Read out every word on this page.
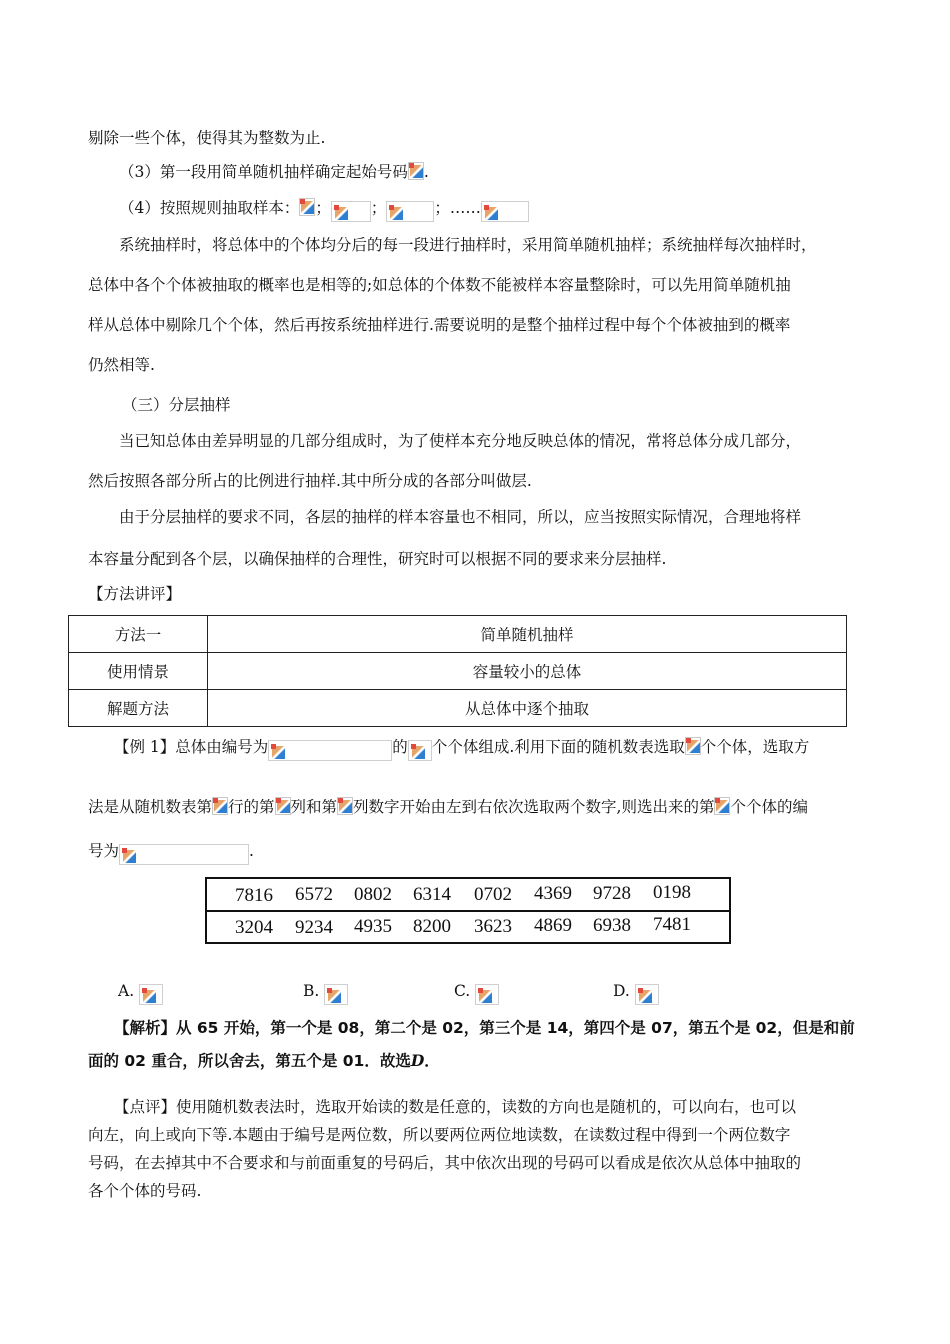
剔除一些个体，使得其为整数为止.
（3）第一段用简单随机抽样确定起始号码 .
（4）按照规则抽取样本： ；	；	；……
系统抽样时，将总体中的个体均分后的每一段进行抽样时，采用简单随机抽样；系统抽样每次抽样时，
总体中各个个体被抽取的概率也是相等的;如总体的个体数不能被样本容量整除时，可以先用简单随机抽
样从总体中剔除几个个体，然后再按系统抽样进行.需要说明的是整个抽样过程中每个个体被抽到的概率
仍然相等.
（三）分层抽样
当已知总体由差异明显的几部分组成时，为了使样本充分地反映总体的情况，常将总体分成几部分，
然后按照各部分所占的比例进行抽样.其中所分成的各部分叫做层.
由于分层抽样的要求不同，各层的抽样的样本容量也不相同，所以，应当按照实际情况，合理地将样
本容量分配到各个层，以确保抽样的合理性，研究时可以根据不同的要求来分层抽样.
【方法讲评】
方法一	简单随机抽样
使用情景	容量较小的总体
解题方法	从总体中逐个抽取
【例 1】总体由编号为	的 个个体组成.利用下面的随机数表选取 个个体，选取方
法是从随机数表第 行的第 列和第 列数字开始由左到右依次选取两个数字,则选出来的第 个个体的编
号为	.
7816 6572 0802 6314 0702 4369 9728 0198
3204 9234 4935 8200 3623 4869 6938 7481
A.	B.	C.	D.
【解析】从 65 开始，第一个是 08，第二个是 02，第三个是 14，第四个是 07，第五个是 02，但是和前
面的 02 重合，所以舍去，第五个是 01．故选D．
【点评】使用随机数表法时，选取开始读的数是任意的，读数的方向也是随机的，可以向右，也可以
向左，向上或向下等.本题由于编号是两位数，所以要两位两位地读数，在读数过程中得到一个两位数字
号码，在去掉其中不合要求和与前面重复的号码后，其中依次出现的号码可以看成是依次从总体中抽取的
各个个体的号码.
